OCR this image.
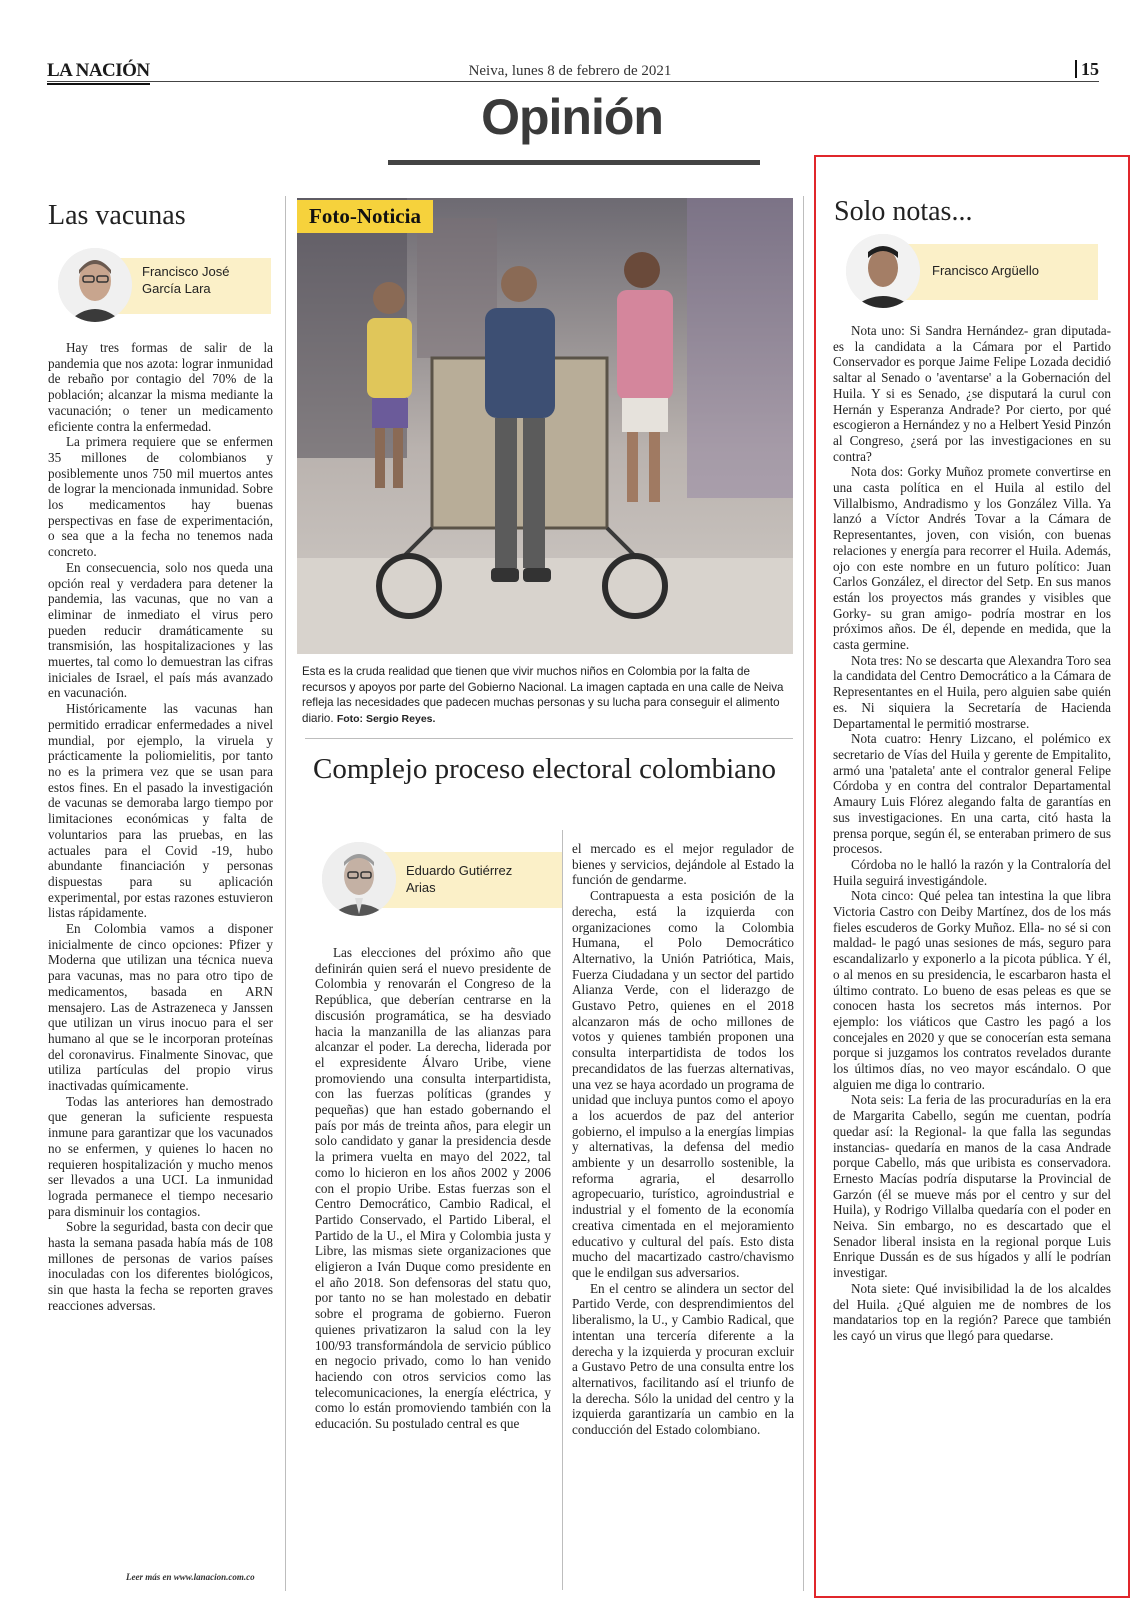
LA NACIÓN	Neiva, lunes 8 de febrero de 2021	15
Opinión
Las vacunas
Francisco José
García Lara

Hay tres formas de salir de la pandemia que nos azota: lograr inmunidad de rebaño por contagio del 70% de la población; alcanzar la misma mediante la vacunación; o tener un medicamento eficiente contra la enfermedad.

La primera requiere que se enfermen 35 millones de colombianos y posiblemente unos 750 mil muertos antes de lograr la mencionada inmunidad. Sobre los medicamentos hay buenas perspectivas en fase de experimentación, o sea que a la fecha no tenemos nada concreto.

En consecuencia, solo nos queda una opción real y verdadera para detener la pandemia, las vacunas, que no van a eliminar de inmediato el virus pero pueden reducir dramáticamente su transmisión, las hospitalizaciones y las muertes, tal como lo demuestran las cifras iniciales de Israel, el país más avanzado en vacunación.

Históricamente las vacunas han permitido erradicar enfermedades a nivel mundial, por ejemplo, la viruela y prácticamente la poliomielitis, por tanto no es la primera vez que se usan para estos fines. En el pasado la investigación de vacunas se demoraba largo tiempo por limitaciones económicas y falta de voluntarios para las pruebas, en las actuales para el Covid -19, hubo abundante financiación y personas dispuestas para su aplicación experimental, por estas razones estuvieron listas rápidamente.

En Colombia vamos a disponer inicialmente de cinco opciones: Pfizer y Moderna que utilizan una técnica nueva para vacunas, mas no para otro tipo de medicamentos, basada en ARN mensajero. Las de Astrazeneca y Janssen que utilizan un virus inocuo para el ser humano al que se le incorporan proteínas del coronavirus. Finalmente Sinovac, que utiliza partículas del propio virus inactivadas químicamente.

Todas las anteriores han demostrado que generan la suficiente respuesta inmune para garantizar que los vacunados no se enfermen, y quienes lo hacen no requieren hospitalización y mucho menos ser llevados a una UCI. La inmunidad lograda permanece el tiempo necesario para disminuir los contagios.

Sobre la seguridad, basta con decir que hasta la semana pasada había más de 108 millones de personas de varios países inoculadas con los diferentes biológicos, sin que hasta la fecha se reporten graves reacciones adversas.

Leer más en www.lanacion.com.co
Foto-Noticia
Esta es la cruda realidad que tienen que vivir muchos niños en Colombia por la falta de recursos y apoyos por parte del Gobierno Nacional. La imagen captada en una calle de Neiva refleja las necesidades que padecen muchas personas y su lucha para conseguir el alimento diario. Foto: Sergio Reyes.
Complejo proceso electoral colombiano
Eduardo Gutiérrez
Arias

Las elecciones del próximo año que definirán quien será el nuevo presidente de Colombia y renovarán el Congreso de la República, que deberían centrarse en la discusión programática, se ha desviado hacia la manzanilla de las alianzas para alcanzar el poder. La derecha, liderada por el expresidente Álvaro Uribe, viene promoviendo una consulta interpartidista, con las fuerzas políticas (grandes y pequeñas) que han estado gobernando el país por más de treinta años, para elegir un solo candidato y ganar la presidencia desde la primera vuelta en mayo del 2022, tal como lo hicieron en los años 2002 y 2006 con el propio Uribe. Estas fuerzas son el Centro Democrático, Cambio Radical, el Partido Conservado, el Partido Liberal, el Partido de la U., el Mira y Colombia justa y Libre, las mismas siete organizaciones que eligieron a Iván Duque como presidente en el año 2018. Son defensoras del statu quo, por tanto no se han molestado en debatir sobre el programa de gobierno. Fueron quienes privatizaron la salud con la ley 100/93 transformándola de servicio público en negocio privado, como lo han venido haciendo con otros servicios como las telecomunicaciones, la energía eléctrica, y como lo están promoviendo también con la educación. Su postulado central es que

el mercado es el mejor regulador de bienes y servicios, dejándole al Estado la función de gendarme.

Contrapuesta a esta posición de la derecha, está la izquierda con organizaciones como la Colombia Humana, el Polo Democrático Alternativo, la Unión Patriótica, Mais, Fuerza Ciudadana y un sector del partido Alianza Verde, con el liderazgo de Gustavo Petro, quienes en el 2018 alcanzaron más de ocho millones de votos y quienes también proponen una consulta interpartidista de todos los precandidatos de las fuerzas alternativas, una vez se haya acordado un programa de unidad que incluya puntos como el apoyo a los acuerdos de paz del anterior gobierno, el impulso a la energías limpias y alternativas, la defensa del medio ambiente y un desarrollo sostenible, la reforma agraria, el desarrollo agropecuario, turístico, agroindustrial e industrial y el fomento de la economía creativa cimentada en el mejoramiento educativo y cultural del país. Esto dista mucho del macartizado castro/chavismo que le endilgan sus adversarios.

En el centro se alindera un sector del Partido Verde, con desprendimientos del liberalismo, la U., y Cambio Radical, que intentan una tercería diferente a la derecha y la izquierda y procuran excluir a Gustavo Petro de una consulta entre los alternativos, facilitando así el triunfo de la derecha. Sólo la unidad del centro y la izquierda garantizaría un cambio en la conducción del Estado colombiano.

Solo notas...
Francisco Argüello

Nota uno: Si Sandra Hernández- gran diputada- es la candidata a la Cámara por el Partido Conservador es porque Jaime Felipe Lozada decidió saltar al Senado o 'aventarse' a la Gobernación del Huila. Y si es Senado, ¿se disputará la curul con Hernán y Esperanza Andrade? Por cierto, por qué escogieron a Hernández y no a Helbert Yesid Pinzón al Congreso, ¿será por las investigaciones en su contra?

Nota dos: Gorky Muñoz promete convertirse en una casta política en el Huila al estilo del Villalbismo, Andradismo y los González Villa. Ya lanzó a Víctor Andrés Tovar a la Cámara de Representantes, joven, con visión, con buenas relaciones y energía para recorrer el Huila. Además, ojo con este nombre en un futuro político: Juan Carlos González, el director del Setp. En sus manos están los proyectos más grandes y visibles que Gorky- su gran amigo- podría mostrar en los próximos años. De él, depende en medida, que la casta germine.

Nota tres: No se descarta que Alexandra Toro sea la candidata del Centro Democrático a la Cámara de Representantes en el Huila, pero alguien sabe quién es. Ni siquiera la Secretaría de Hacienda Departamental le permitió mostrarse.

Nota cuatro: Henry Lizcano, el polémico ex secretario de Vías del Huila y gerente de Empitalito, armó una 'pataleta' ante el contralor general Felipe Córdoba y en contra del contralor Departamental Amaury Luis Flórez alegando falta de garantías en sus investigaciones. En una carta, citó hasta la prensa porque, según él, se enteraban primero de sus procesos.

Córdoba no le halló la razón y la Contraloría del Huila seguirá investigándole.

Nota cinco: Qué pelea tan intestina la que libra Victoria Castro con Deiby Martínez, dos de los más fieles escuderos de Gorky Muñoz. Ella- no sé si con maldad- le pagó unas sesiones de más, seguro para escandalizarlo y exponerlo a la picota pública. Y él, o al menos en su presidencia, le escarbaron hasta el último contrato. Lo bueno de esas peleas es que se conocen hasta los secretos más internos. Por ejemplo: los viáticos que Castro les pagó a los concejales en 2020 y que se conocerían esta semana porque si juzgamos los contratos revelados durante los últimos días, no veo mayor escándalo. O que alguien me diga lo contrario.

Nota seis: La feria de las procuradurías en la era de Margarita Cabello, según me cuentan, podría quedar así: la Regional- la que falla las segundas instancias- quedaría en manos de la casa Andrade porque Cabello, más que uribista es conservadora. Ernesto Macías podría disputarse la Provincial de Garzón (él se mueve más por el centro y sur del Huila), y Rodrigo Villalba quedaría con el poder en Neiva. Sin embargo, no es descartado que el Senador liberal insista en la regional porque Luis Enrique Dussán es de sus hígados y allí le podrían investigar.

Nota siete: Qué invisibilidad la de los alcaldes del Huila. ¿Qué alguien me de nombres de los mandatarios top en la región? Parece que también les cayó un virus que llegó para quedarse.
